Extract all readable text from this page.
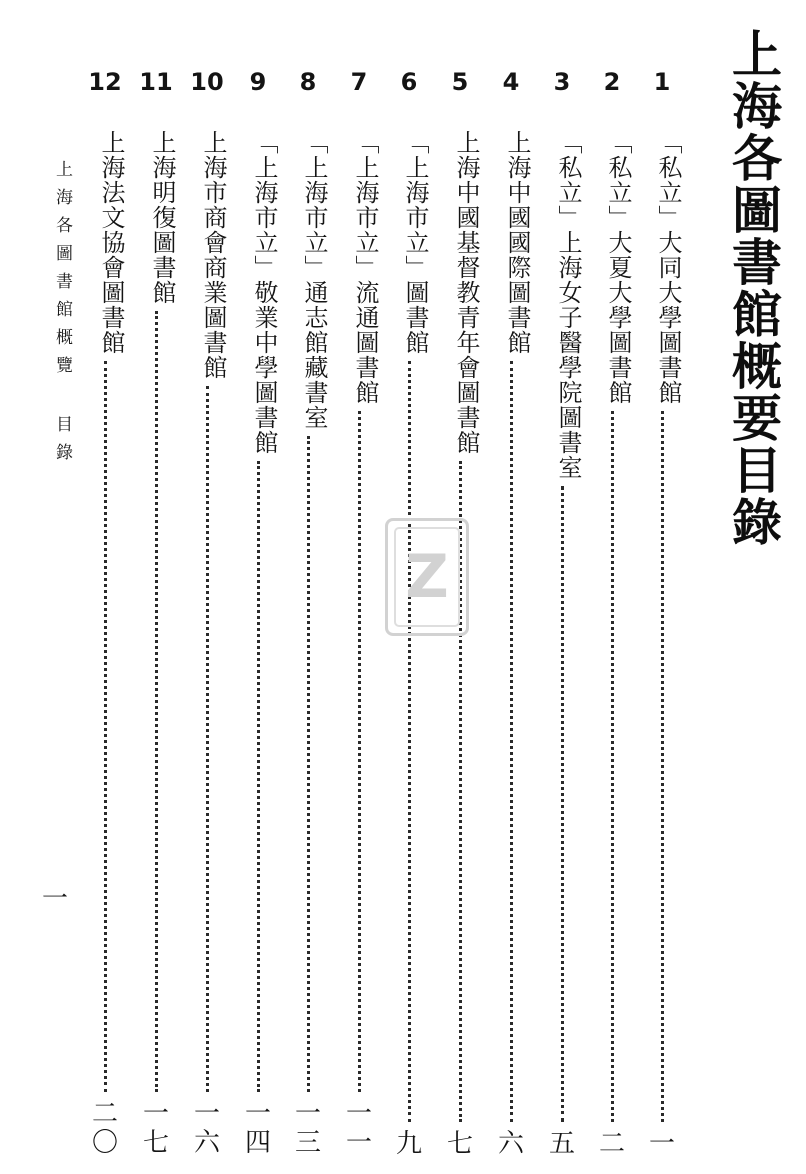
上海各圖書館概要目錄
上海各圖書館概覽 目錄
一
1
「私立」大同大學圖書館
一
2
「私立」大夏大學圖書館
二
3
「私立」上海女子醫學院圖書室
五
4
上海中國國際圖書館
六
5
上海中國基督教青年會圖書館
七
6
「上海市立」圖書館
九
7
「上海市立」流通圖書館
一一
8
「上海市立」通志館藏書室
一三
9
「上海市立」敬業中學圖書館
一四
10
上海市商會商業圖書館
一六
11
上海明復圖書館
一七
12
上海法文協會圖書館
二〇
Z
